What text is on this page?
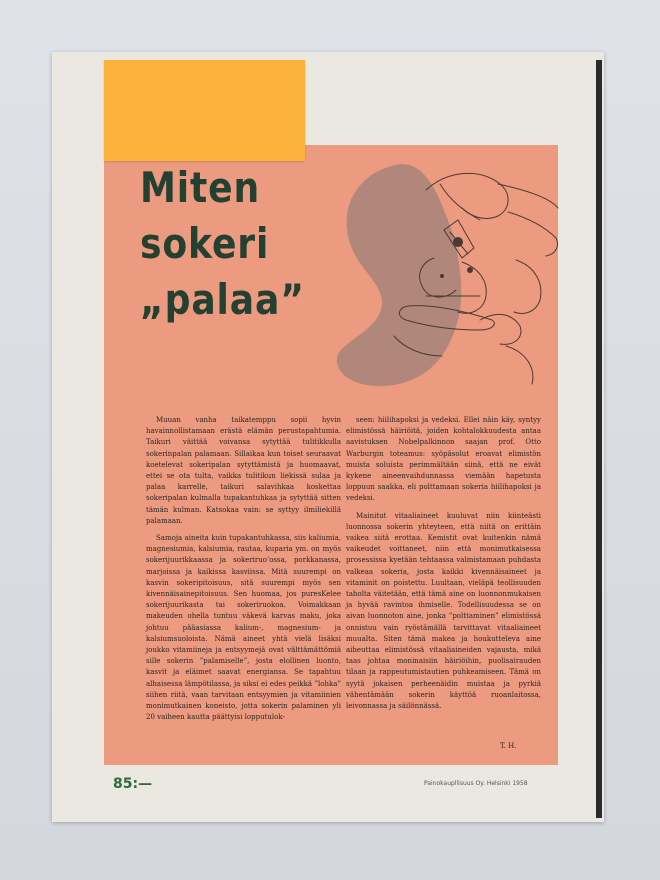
Miten
sokeri
„palaa”

Muuan vanha taikatemppu sopii hyvin havainnollistamaan erästä elämän perustapahtumia. Taikuri väittää voivansa sytyttää tulitikkulla sokerinpalan palamaan. Sillaikaa kun toiset seuraavat koetelevat sokeripalan sytyttämistä ja huomaavat, ettei se ota tulta, vaikka tulitikun liekissä sulaa ja palaa karrelle, taikuri salavihkaa koskettaa sokeripalan kulmalla tupakantuhkaa ja sytyttää sitten tämän kulman. Katsokaa vain: se syttyy ilmiliekillä palamaan.

Samoja aineita kuin tupakantuhkassa, siis kaliumia, magnesiumia, kalsiumia, rautaa, kuparia ym. on myös sokerijuurikkaassa ja sokeriruo’ossa, porkkanassa, marjoissa ja kaikissa kasviissa. Mitä suurempi on kasvin sokeripitoisuus, sitä suurempi myös sen kivennäisainepitoisuus. Sen huomaa, jos puresKelee sokerijuurikasta tai sokeriruokoa. Voimakkaan makeuden ohella tuntuu väkevä karvas maku, joka johtuu pääasiassa kalium-, magnesium- ja kalsiumsuoloista. Nämä aineet yhtä vielä lisäksi joukko vitamiineja ja entsyymejä ovat välttämättömiä sille sokerin ”palamiselle”, josta elollinen luonto, kasvit ja eläimet saavat energiansa. Se tapahtuu alhaisessa lämpötilassa, ja siksi ei edes peikkä ”lohka” siihen riitä, vaan tarvitaan entsyymien ja vitamiinien monimutkainen koneisto, jotta sokerin palaminen yli 20 vaiheen kautta päättyisi lopputulok-

seen: hiilihapoksi ja vedeksi. Ellei näin käy, syntyy elimistössä häiriöitä, joiden kohtalokkuudesta antaa aavistuksen Nobelpalkinnon saajan prof. Otto Warburgin toteamus: syöpäsolut eroavat elimistön muista soluista perimmältään siinä, että ne eivät kykene aineenvaihdunnassa viemään hapetusta loppuun saakka, eli polttamaan sokeria hiilihapoksi ja vedeksi.

Mainitut vitaaliaineet kuuluvat niin kiinteästi luonnossa sokerin yhteyteen, että niitä on erittäin vaikea siitä erottaa. Kemistit ovat kuitenkin nämä vaikeudet voittaneet, niin että monimutkaisessa prosessissa kyetään tehtaassa valmistamaan puhdasta valkeaa sokeria, josta kaikki kivennäisaineet ja vitaminit on poistettu. Luultaan, vieläpä teollisuuden taholta väitetään, että tämä aine on luonnonmukaisen ja hyvää ravintoa ihmiselle. Todellisuudessa se on aivan luonnoton aine, jonka ”polttaminen” elimistössä onnistuu vain ryöstämällä tarvittavat vitaaliaineet muualta. Siten tämä makea ja houkutteleva aine aiheuttaa elimistössä vitaaliaineiden vajausta, mikä taas johtaa moninaisiin häiriöihin, puolisairauden tilaan ja rappeutumistautien puhkeamiseen. Tämä on syytä jokaisen perheenäidin muistaa ja pyrkiä vähentämään sokerin käyttöä ruoanlaitossa, leivonnassa ja säilönnässä.

T. H.
85:—	Painokaupllisuus Oy. Helsinki 1958
